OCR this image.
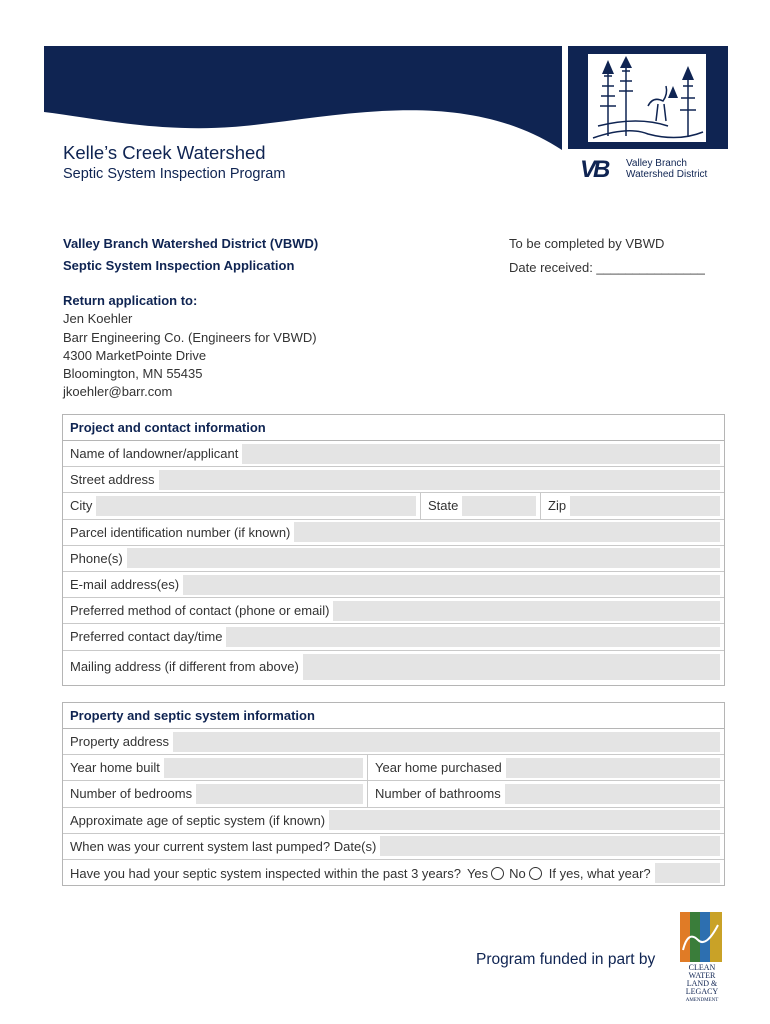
VB Valley Branch
Watershed District
Kelle’s Creek Watershed
Septic System Inspection Program
Valley Branch Watershed District (VBWD)
Septic System Inspection Application
To be completed by VBWD
Date received: _______________
Return application to:
Jen Koehler
Barr Engineering Co. (Engineers for VBWD)
4300 MarketPointe Drive
Bloomington, MN 55435
jkoehler@barr.com
Project and contact information
Name of landowner/applicant
Street address
City	State	Zip
Parcel identification number (if known)
Phone(s)
E-mail address(es)
Preferred method of contact (phone or email)
Preferred contact day/time
Mailing address (if different from above)
Property and septic system information
Property address
Year home built	Year home purchased
Number of bedrooms	Number of bathrooms
Approximate age of septic system (if known)
When was your current system last pumped? Date(s)
Have you had your septic system inspected within the past 3 years? Yes No If yes, what year?
Program funded in part by	CLEAN
WATER
LAND &
LEGACY
AMENDMENT
